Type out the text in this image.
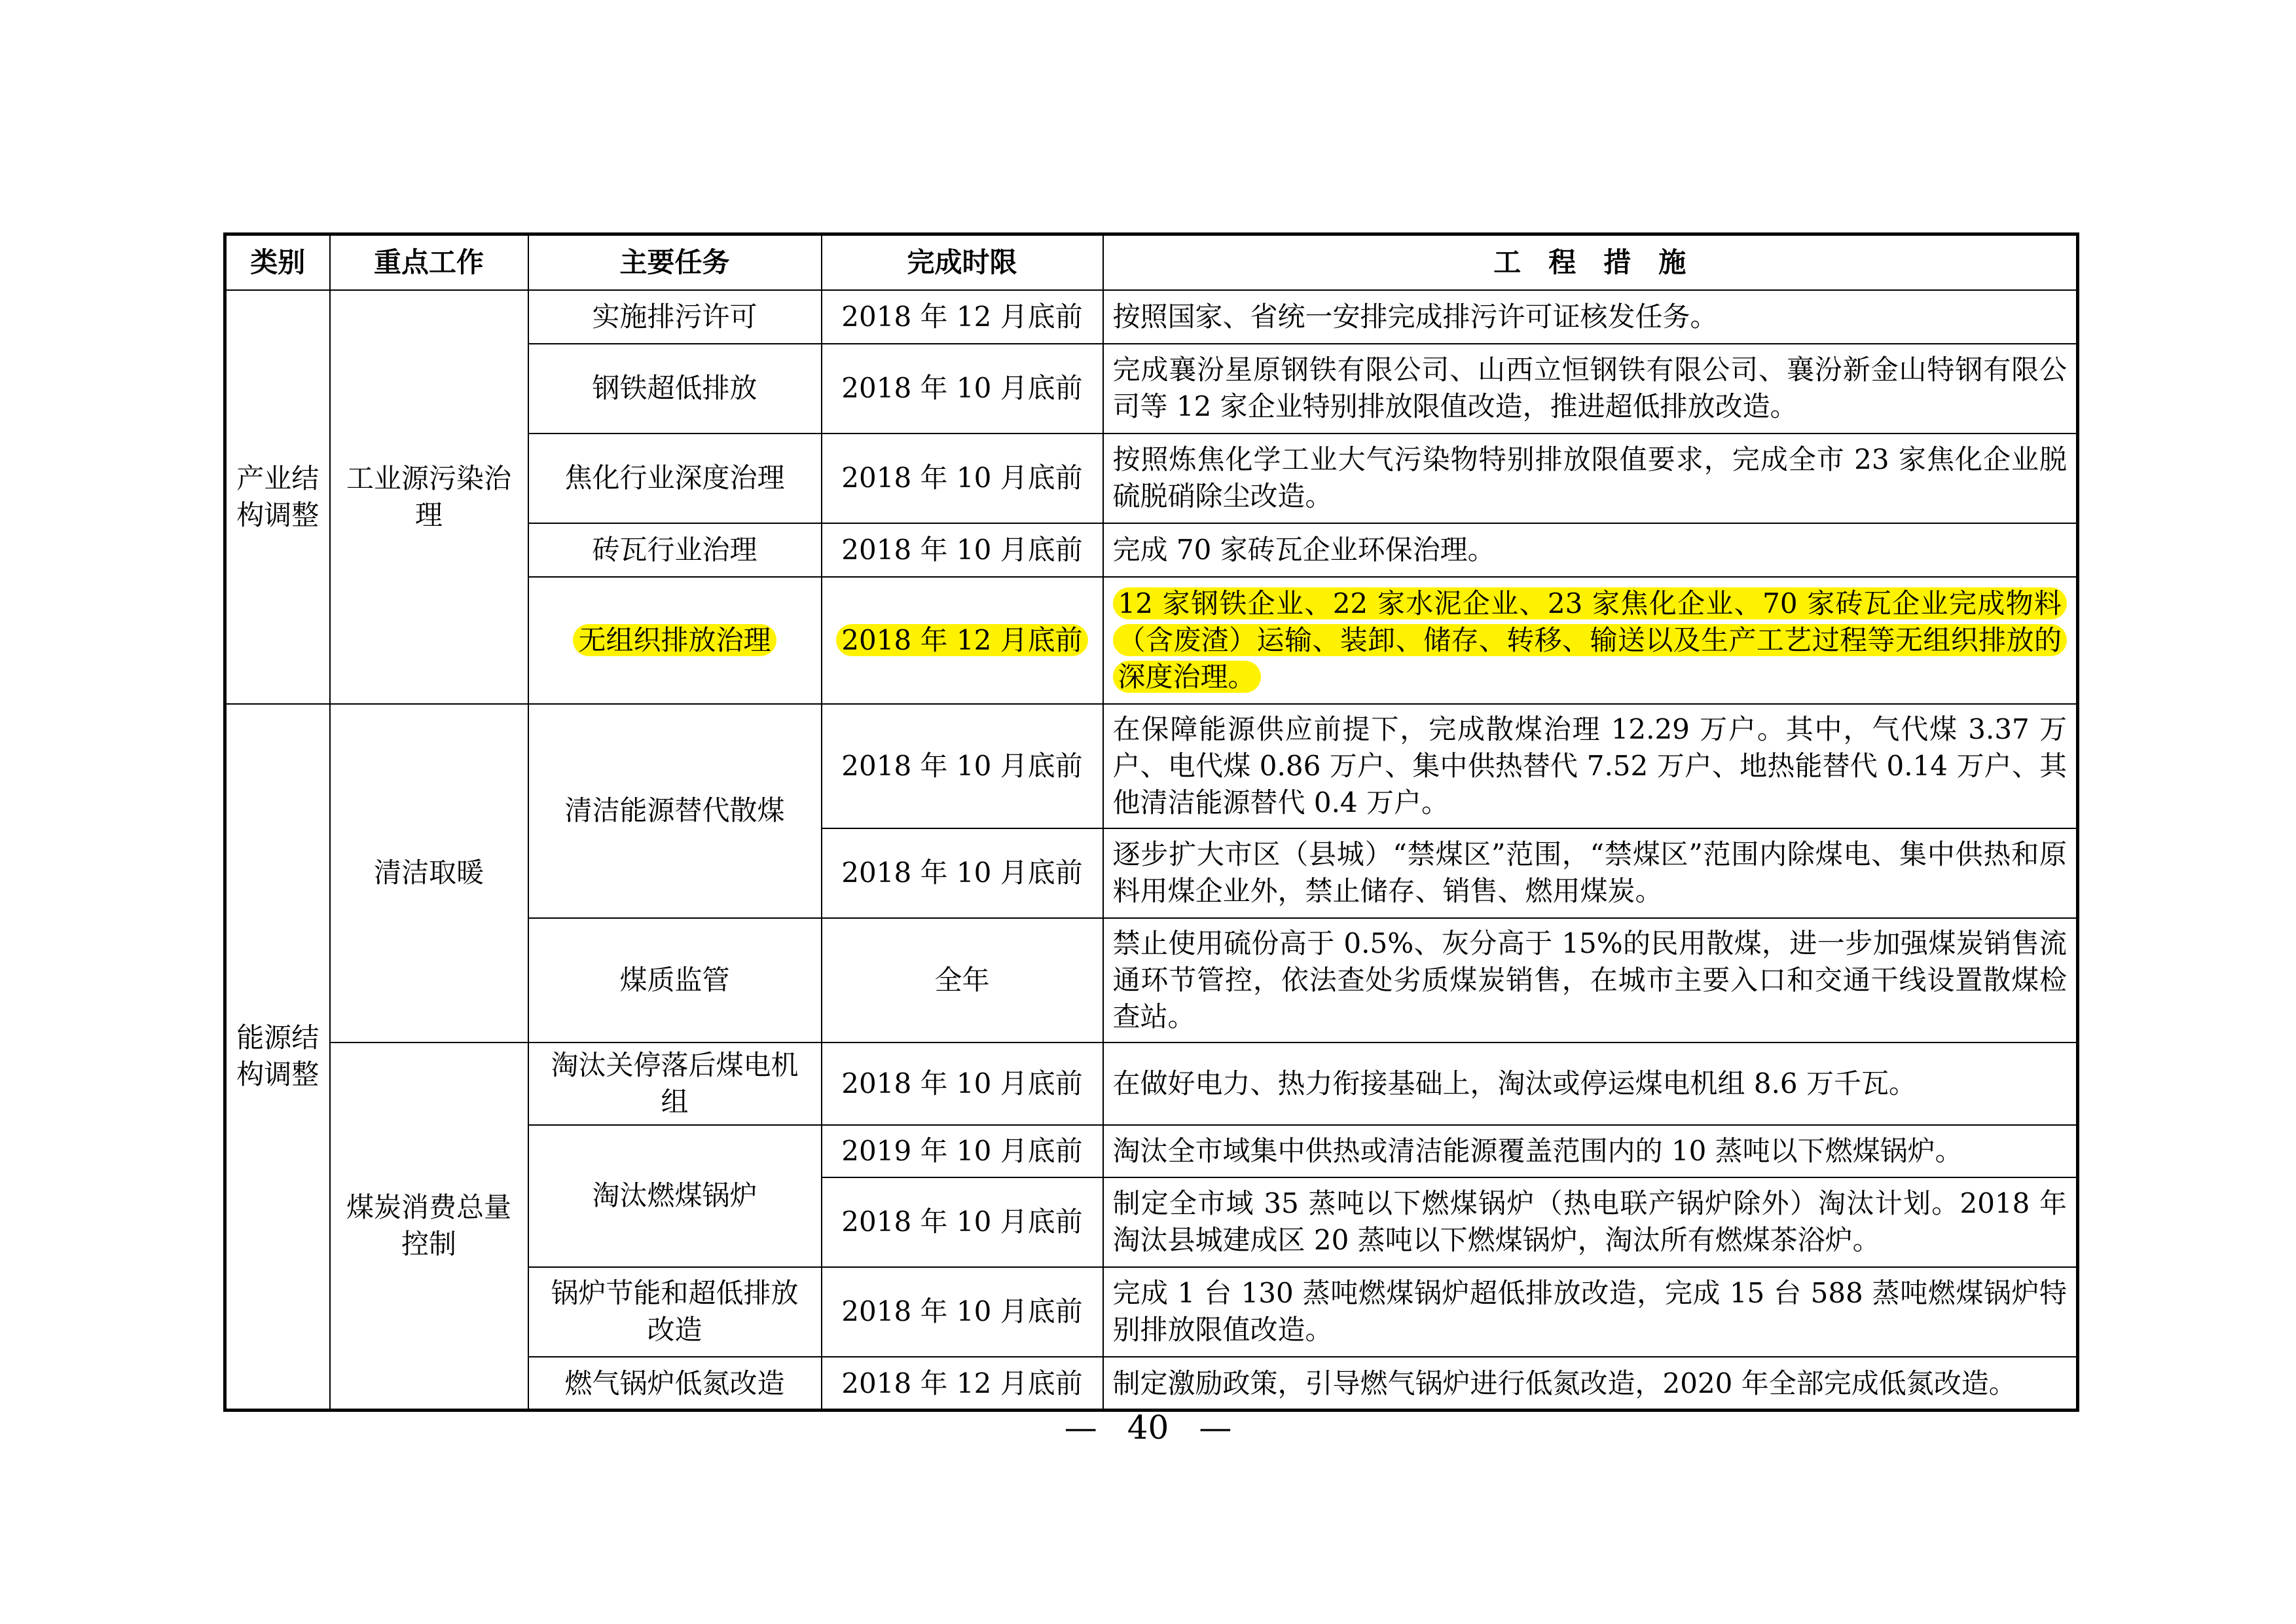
类别	重点工作	主要任务	完成时限	工　程　措　施
产业结构调整	工业源污染治理	实施排污许可	2018 年 12 月底前	按照国家、省统一安排完成排污许可证核发任务。
		钢铁超低排放	2018 年 10 月底前	完成襄汾星原钢铁有限公司、山西立恒钢铁有限公司、襄汾新金山特钢有限公司等 12 家企业特别排放限值改造，推进超低排放改造。
		焦化行业深度治理	2018 年 10 月底前	按照炼焦化学工业大气污染物特别排放限值要求，完成全市 23 家焦化企业脱硫脱硝除尘改造。
		砖瓦行业治理	2018 年 10 月底前	完成 70 家砖瓦企业环保治理。
		无组织排放治理	2018 年 12 月底前	12 家钢铁企业、22 家水泥企业、23 家焦化企业、70 家砖瓦企业完成物料（含废渣）运输、装卸、储存、转移、输送以及生产工艺过程等无组织排放的深度治理。
能源结构调整	清洁取暖	清洁能源替代散煤	2018 年 10 月底前	在保障能源供应前提下，完成散煤治理 12.29 万户。其中，气代煤 3.37 万户、电代煤 0.86 万户、集中供热替代 7.52 万户、地热能替代 0.14 万户、其他清洁能源替代 0.4 万户。
			2018 年 10 月底前	逐步扩大市区（县城）“禁煤区”范围，“禁煤区”范围内除煤电、集中供热和原料用煤企业外，禁止储存、销售、燃用煤炭。
		煤质监管	全年	禁止使用硫份高于 0.5%、灰分高于 15%的民用散煤，进一步加强煤炭销售流通环节管控，依法查处劣质煤炭销售，在城市主要入口和交通干线设置散煤检查站。
	煤炭消费总量控制	淘汰关停落后煤电机组	2018 年 10 月底前	在做好电力、热力衔接基础上，淘汰或停运煤电机组 8.6 万千瓦。
		淘汰燃煤锅炉	2019 年 10 月底前	淘汰全市域集中供热或清洁能源覆盖范围内的 10 蒸吨以下燃煤锅炉。
			2018 年 10 月底前	制定全市域 35 蒸吨以下燃煤锅炉（热电联产锅炉除外）淘汰计划。2018 年淘汰县城建成区 20 蒸吨以下燃煤锅炉，淘汰所有燃煤茶浴炉。
		锅炉节能和超低排放改造	2018 年 10 月底前	完成 1 台 130 蒸吨燃煤锅炉超低排放改造，完成 15 台 588 蒸吨燃煤锅炉特别排放限值改造。
		燃气锅炉低氮改造	2018 年 12 月底前	制定激励政策，引导燃气锅炉进行低氮改造，2020 年全部完成低氮改造。

— 40 —
